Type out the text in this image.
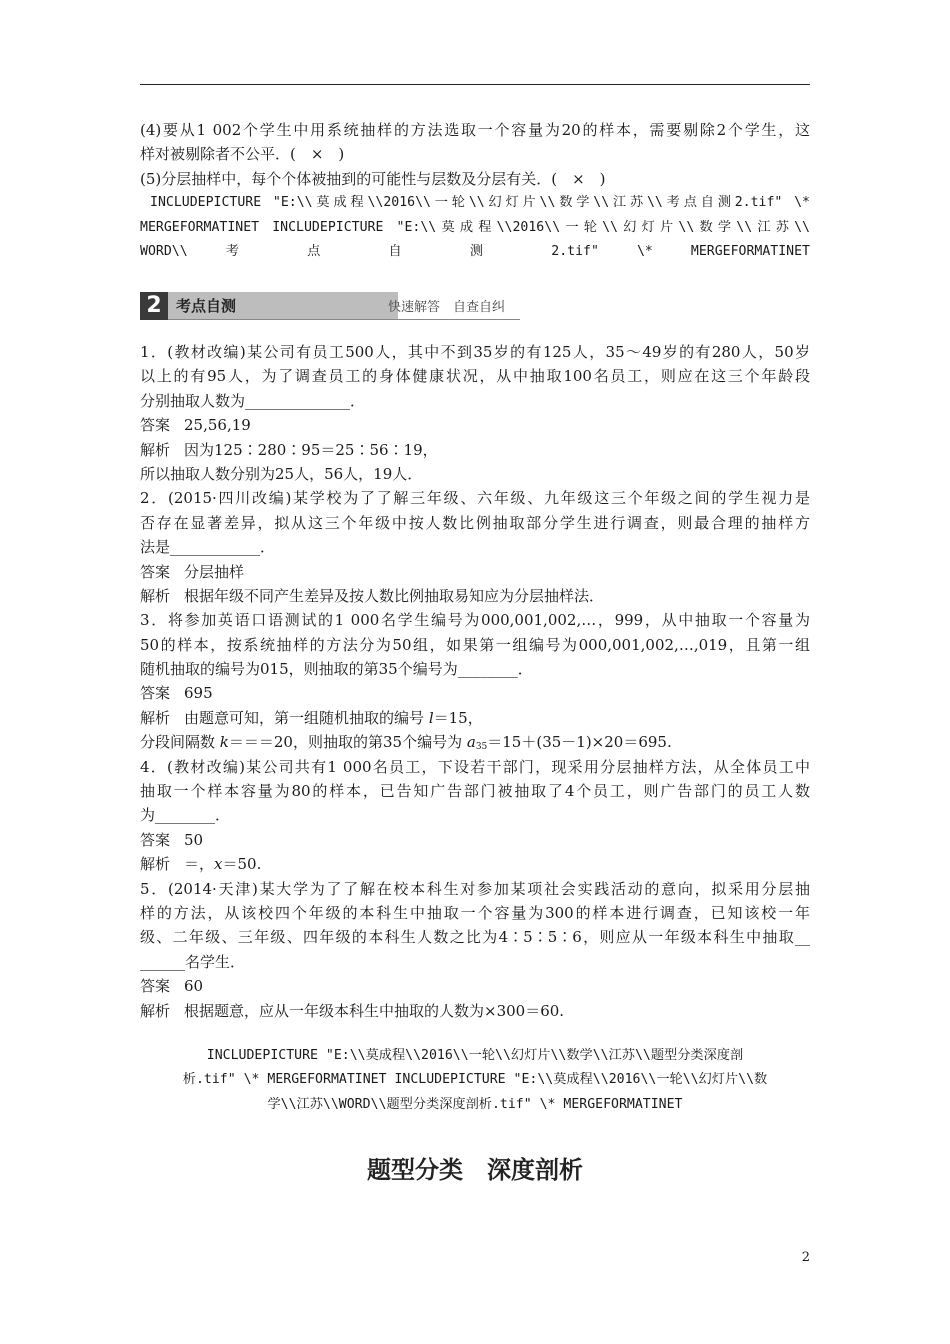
(4)要从1 002个学生中用系统抽样的方法选取一个容量为20的样本，需要剔除2个学生，这
样对被剔除者不公平．(　×　)
(5)分层抽样中，每个个体被抽到的可能性与层数及分层有关．(　×　)
INCLUDEPICTURE "E:\\莫成程\\2016\\一轮\\幻灯片\\数学\\江苏\\考点自测2.tif" \*
MERGEFORMATINET INCLUDEPICTURE "E:\\莫成程\\2016\\一轮\\幻灯片\\数学\\江苏\\
WORD\\ 考 点 自 测 2.tif" \* MERGEFORMATINET
2 考点自测	快速解答　自查自纠
1．(教材改编)某公司有员工500人，其中不到35岁的有125人，35～49岁的有280人，50岁
以上的有95人，为了调查员工的身体健康状况，从中抽取100名员工，则应在这三个年龄段
分别抽取人数为______________．
答案 25,56,19
解析 因为125∶280∶95＝25∶56∶19，
所以抽取人数分别为25人，56人，19人．
2．(2015·四川改编)某学校为了了解三年级、六年级、九年级这三个年级之间的学生视力是
否存在显著差异，拟从这三个年级中按人数比例抽取部分学生进行调查，则最合理的抽样方
法是____________．
答案 分层抽样
解析 根据年级不同产生差异及按人数比例抽取易知应为分层抽样法．
3．将参加英语口语测试的1 000名学生编号为000,001,002,…，999，从中抽取一个容量为
50的样本，按系统抽样的方法分为50组，如果第一组编号为000,001,002,…,019，且第一组
随机抽取的编号为015，则抽取的第35个编号为________．
答案 695
解析 由题意可知，第一组随机抽取的编号 l＝15，
分段间隔数 k＝＝＝20，则抽取的第35个编号为 $a_{35}=15+(35-1)\times 20=695$.
4．(教材改编)某公司共有1 000名员工，下设若干部门，现采用分层抽样方法，从全体员工中
抽取一个样本容量为80的样本，已告知广告部门被抽取了4个员工，则广告部门的员工人数
为________．
答案 50
解析 ＝，x＝50.
5．(2014·天津)某大学为了了解在校本科生对参加某项社会实践活动的意向，拟采用分层抽
样的方法，从该校四个年级的本科生中抽取一个容量为300的样本进行调查，已知该校一年
级、二年级、三年级、四年级的本科生人数之比为4∶5∶5∶6，则应从一年级本科生中抽取__
______名学生．
答案 60
解析 根据题意，应从一年级本科生中抽取的人数为×300＝60.
INCLUDEPICTURE "E:\\莫成程\\2016\\一轮\\幻灯片\\数学\\江苏\\题型分类深度剖
析.tif" \* MERGEFORMATINET INCLUDEPICTURE "E:\\莫成程\\2016\\一轮\\幻灯片\\数
学\\江苏\\WORD\\题型分类深度剖析.tif" \* MERGEFORMATINET
题型分类　深度剖析
2
